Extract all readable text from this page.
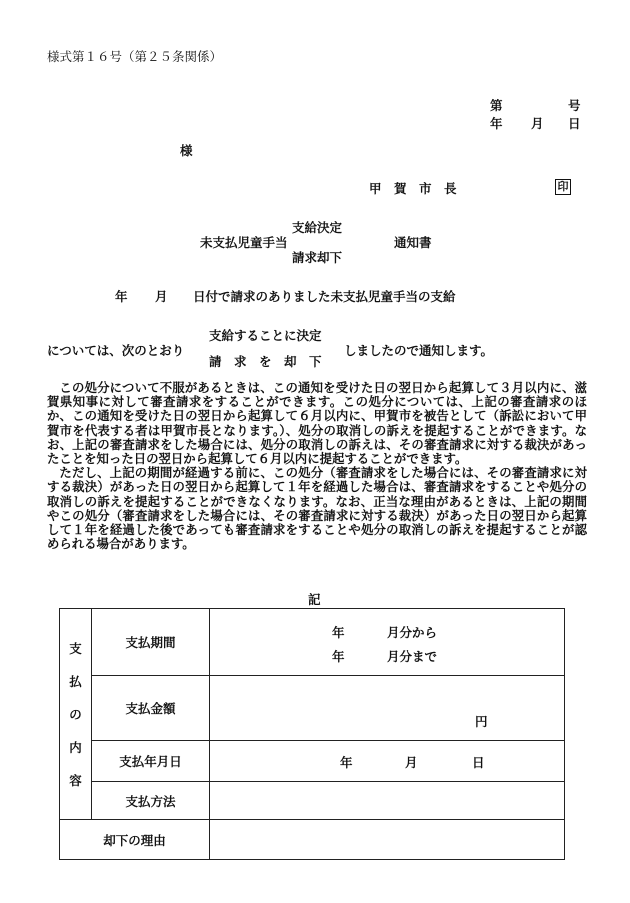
様式第１６号（第２５条関係）
第	号
年 月 日
様
甲　賀　市　長	印
支給決定
未支払児童手当	通知書
請求却下
年 月 日付で請求のありました未支払児童手当の支給
支給することに決定
については、次のとおり	しましたので通知します。
請　求　を　却　下

この処分について不服があるときは、この通知を受けた日の翌日から起算して３月以内に、滋賀県知事に対して審査請求をすることができます。この処分については、上記の審査請求のほか、この通知を受けた日の翌日から起算して６月以内に、甲賀市を被告として（訴訟において甲賀市を代表する者は甲賀市長となります。）、処分の取消しの訴えを提起することができます。なお、上記の審査請求をした場合には、処分の取消しの訴えは、その審査請求に対する裁決があったことを知った日の翌日から起算して６月以内に提起することができます。

ただし、上記の期間が経過する前に、この処分（審査請求をした場合には、その審査請求に対する裁決）があった日の翌日から起算して１年を経過した場合は、審査請求をすることや処分の取消しの訴えを提起することができなくなります。なお、正当な理由があるときは、上記の期間やこの処分（審査請求をした場合には、その審査請求に対する裁決）があった日の翌日から起算して１年を経過した後であっても審査請求をすることや処分の取消しの訴えを提起することが認められる場合があります。

記
支
払
の
内
容	支払期間	年 月分から
年 月分まで

	支払金額	円

	支払年月日	年 月 日

	支払方法	
却下の理由		
